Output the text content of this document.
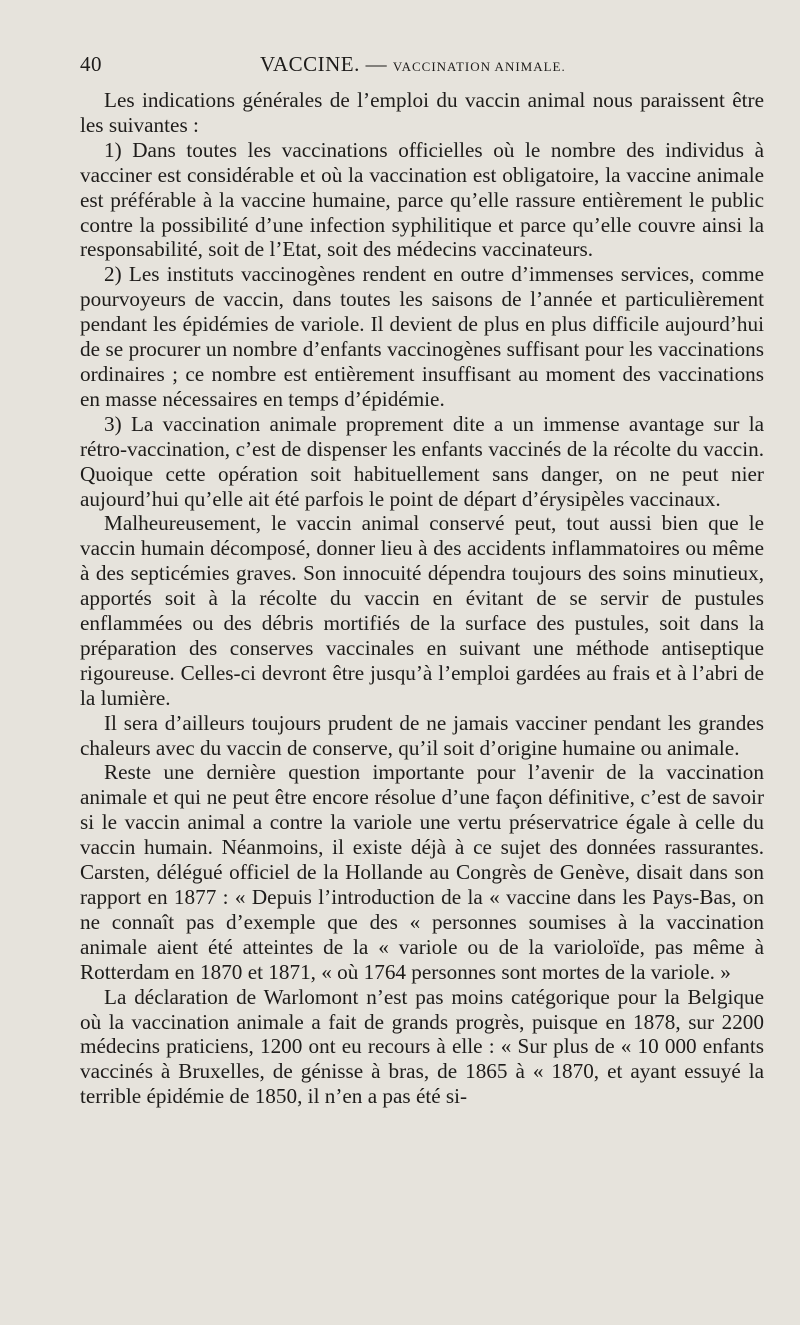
40	VACCINE. — VACCINATION ANIMALE.

Les indications générales de l’emploi du vaccin animal nous paraissent être les suivantes :

1) Dans toutes les vaccinations officielles où le nombre des individus à vacciner est considérable et où la vaccination est obligatoire, la vaccine animale est préférable à la vaccine humaine, parce qu’elle rassure entièrement le public contre la possibilité d’une infection syphilitique et parce qu’elle couvre ainsi la responsabilité, soit de l’Etat, soit des médecins vaccinateurs.

2) Les instituts vaccinogènes rendent en outre d’immenses services, comme pourvoyeurs de vaccin, dans toutes les saisons de l’année et particulièrement pendant les épidémies de variole. Il devient de plus en plus difficile aujourd’hui de se procurer un nombre d’enfants vaccinogènes suffisant pour les vaccinations ordinaires ; ce nombre est entièrement insuffisant au moment des vaccinations en masse nécessaires en temps d’épidémie.

3) La vaccination animale proprement dite a un immense avantage sur la rétro-vaccination, c’est de dispenser les enfants vaccinés de la récolte du vaccin. Quoique cette opération soit habituellement sans danger, on ne peut nier aujourd’hui qu’elle ait été parfois le point de départ d’érysipèles vaccinaux.

Malheureusement, le vaccin animal conservé peut, tout aussi bien que le vaccin humain décomposé, donner lieu à des accidents inflammatoires ou même à des septicémies graves. Son innocuité dépendra toujours des soins minutieux, apportés soit à la récolte du vaccin en évitant de se servir de pustules enflammées ou des débris mortifiés de la surface des pustules, soit dans la préparation des conserves vaccinales en suivant une méthode antiseptique rigoureuse. Celles-ci devront être jusqu’à l’emploi gardées au frais et à l’abri de la lumière.

Il sera d’ailleurs toujours prudent de ne jamais vacciner pendant les grandes chaleurs avec du vaccin de conserve, qu’il soit d’origine humaine ou animale.

Reste une dernière question importante pour l’avenir de la vaccination animale et qui ne peut être encore résolue d’une façon définitive, c’est de savoir si le vaccin animal a contre la variole une vertu préservatrice égale à celle du vaccin humain. Néanmoins, il existe déjà à ce sujet des données rassurantes. Carsten, délégué officiel de la Hollande au Congrès de Genève, disait dans son rapport en 1877 : « Depuis l’introduction de la « vaccine dans les Pays-Bas, on ne connaît pas d’exemple que des « personnes soumises à la vaccination animale aient été atteintes de la « variole ou de la varioloïde, pas même à Rotterdam en 1870 et 1871, « où 1764 personnes sont mortes de la variole. »

La déclaration de Warlomont n’est pas moins catégorique pour la Belgique où la vaccination animale a fait de grands progrès, puisque en 1878, sur 2200 médecins praticiens, 1200 ont eu recours à elle : « Sur plus de « 10 000 enfants vaccinés à Bruxelles, de génisse à bras, de 1865 à « 1870, et ayant essuyé la terrible épidémie de 1850, il n’en a pas été si-
